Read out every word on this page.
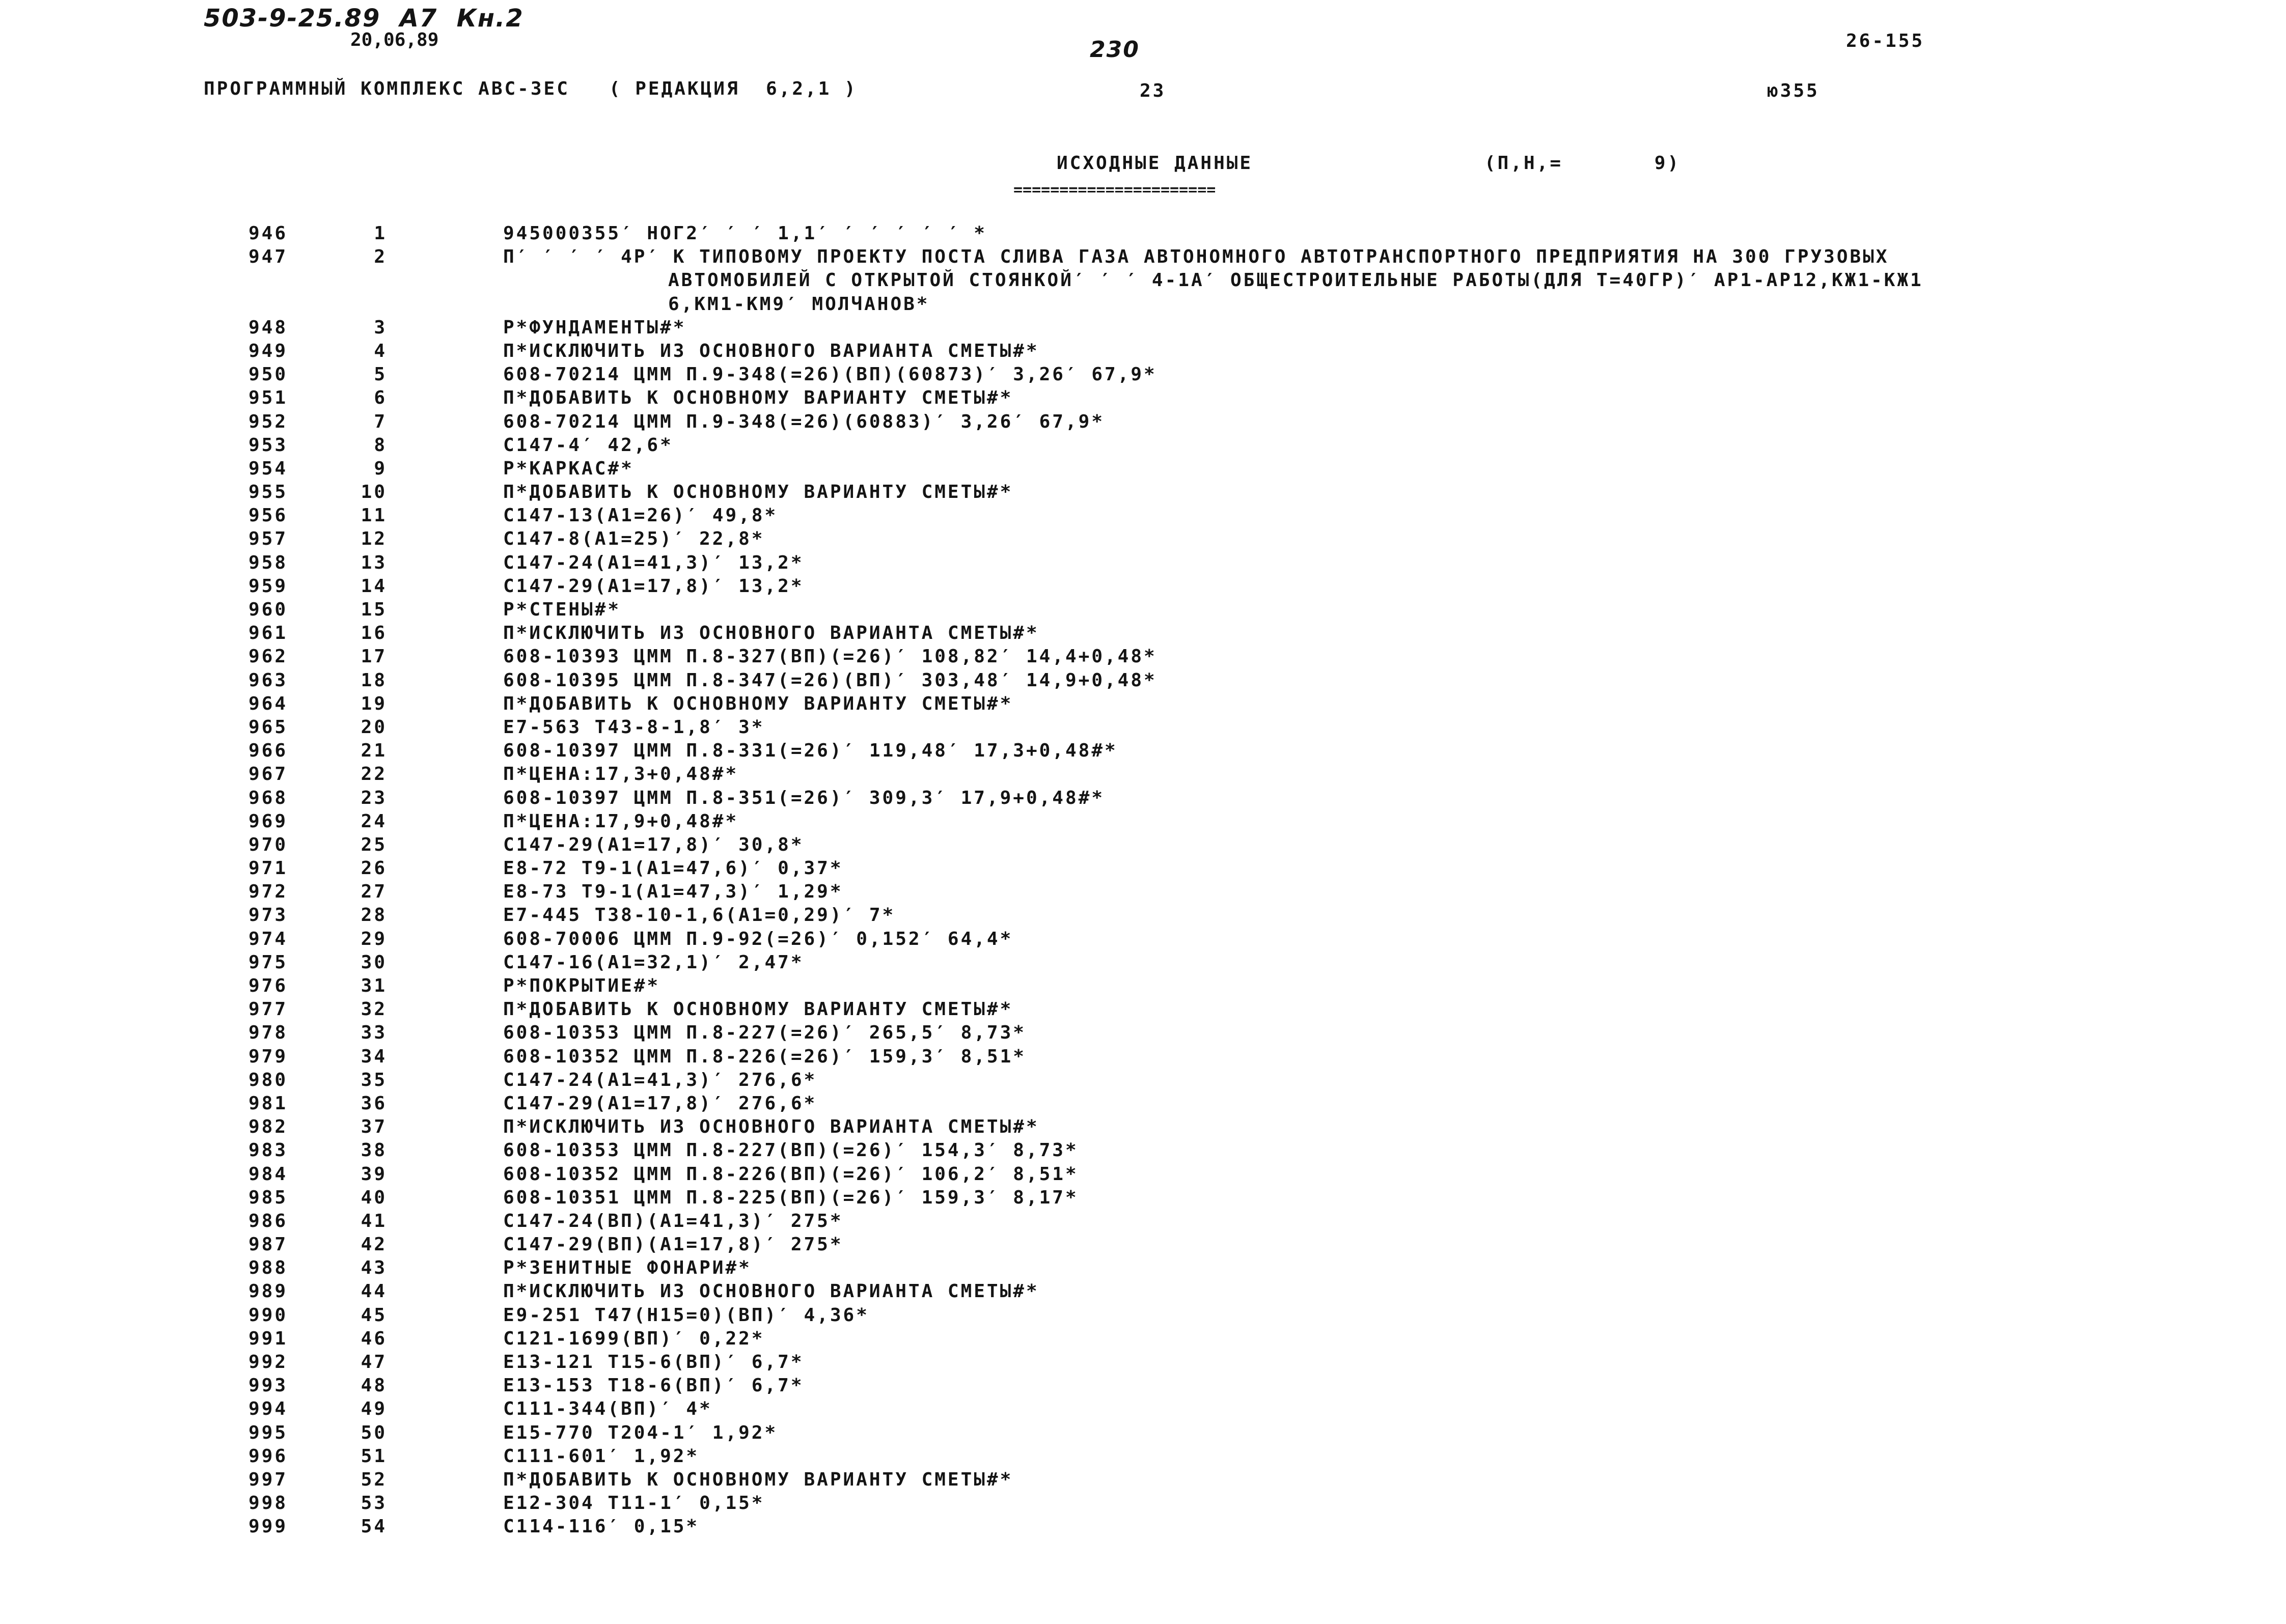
503-9-25.89  А7  Кн.2
20,06,89	230	26-155
ПРОГРАММНЫЙ КОМПЛЕКС АВС-3ЕС   ( РЕДАКЦИЯ  6,2,1 )	23	ю355
ИСХОДНЫЕ ДАННЫЕ	(П,Н,=       9)
======================
946	1	945000355′ НОГ2′ ′ ′ 1,1′ ′ ′ ′ ′ ′ *
947	2	П′ ′ ′ ′ 4Р′ К ТИПОВОМУ ПРОЕКТУ ПОСТА СЛИВА ГАЗА АВТОНОМНОГО АВТОТРАНСПОРТНОГО ПРЕДПРИЯТИЯ НА 300 ГРУЗОВЫХ
АВТОМОБИЛЕЙ С ОТКРЫТОЙ СТОЯНКОЙ′ ′ ′ 4-1А′ ОБЩЕСТРОИТЕЛЬНЫЕ РАБОТЫ(ДЛЯ Т=40ГР)′ АР1-АР12,КЖ1-КЖ1
6,КМ1-КМ9′ МОЛЧАНОВ*
948	3	Р*ФУНДАМЕНТЫ#*
949	4	П*ИСКЛЮЧИТЬ ИЗ ОСНОВНОГО ВАРИАНТА СМЕТЫ#*
950	5	608-70214 ЦММ П.9-348(=26)(ВП)(60873)′ 3,26′ 67,9*
951	6	П*ДОБАВИТЬ К ОСНОВНОМУ ВАРИАНТУ СМЕТЫ#*
952	7	608-70214 ЦММ П.9-348(=26)(60883)′ 3,26′ 67,9*
953	8	С147-4′ 42,6*
954	9	Р*КАРКАС#*
955	10	П*ДОБАВИТЬ К ОСНОВНОМУ ВАРИАНТУ СМЕТЫ#*
956	11	С147-13(А1=26)′ 49,8*
957	12	С147-8(А1=25)′ 22,8*
958	13	С147-24(А1=41,3)′ 13,2*
959	14	С147-29(А1=17,8)′ 13,2*
960	15	Р*СТЕНЫ#*
961	16	П*ИСКЛЮЧИТЬ ИЗ ОСНОВНОГО ВАРИАНТА СМЕТЫ#*
962	17	608-10393 ЦММ П.8-327(ВП)(=26)′ 108,82′ 14,4+0,48*
963	18	608-10395 ЦММ П.8-347(=26)(ВП)′ 303,48′ 14,9+0,48*
964	19	П*ДОБАВИТЬ К ОСНОВНОМУ ВАРИАНТУ СМЕТЫ#*
965	20	Е7-563 Т43-8-1,8′ 3*
966	21	608-10397 ЦММ П.8-331(=26)′ 119,48′ 17,3+0,48#*
967	22	П*ЦЕНА:17,3+0,48#*
968	23	608-10397 ЦММ П.8-351(=26)′ 309,3′ 17,9+0,48#*
969	24	П*ЦЕНА:17,9+0,48#*
970	25	С147-29(А1=17,8)′ 30,8*
971	26	Е8-72 Т9-1(А1=47,6)′ 0,37*
972	27	Е8-73 Т9-1(А1=47,3)′ 1,29*
973	28	Е7-445 Т38-10-1,6(А1=0,29)′ 7*
974	29	608-70006 ЦММ П.9-92(=26)′ 0,152′ 64,4*
975	30	С147-16(А1=32,1)′ 2,47*
976	31	Р*ПОКРЫТИЕ#*
977	32	П*ДОБАВИТЬ К ОСНОВНОМУ ВАРИАНТУ СМЕТЫ#*
978	33	608-10353 ЦММ П.8-227(=26)′ 265,5′ 8,73*
979	34	608-10352 ЦММ П.8-226(=26)′ 159,3′ 8,51*
980	35	С147-24(А1=41,3)′ 276,6*
981	36	С147-29(А1=17,8)′ 276,6*
982	37	П*ИСКЛЮЧИТЬ ИЗ ОСНОВНОГО ВАРИАНТА СМЕТЫ#*
983	38	608-10353 ЦММ П.8-227(ВП)(=26)′ 154,3′ 8,73*
984	39	608-10352 ЦММ П.8-226(ВП)(=26)′ 106,2′ 8,51*
985	40	608-10351 ЦММ П.8-225(ВП)(=26)′ 159,3′ 8,17*
986	41	С147-24(ВП)(А1=41,3)′ 275*
987	42	С147-29(ВП)(А1=17,8)′ 275*
988	43	Р*ЗЕНИТНЫЕ ФОНАРИ#*
989	44	П*ИСКЛЮЧИТЬ ИЗ ОСНОВНОГО ВАРИАНТА СМЕТЫ#*
990	45	Е9-251 Т47(Н15=0)(ВП)′ 4,36*
991	46	С121-1699(ВП)′ 0,22*
992	47	Е13-121 Т15-6(ВП)′ 6,7*
993	48	Е13-153 Т18-6(ВП)′ 6,7*
994	49	С111-344(ВП)′ 4*
995	50	Е15-770 Т204-1′ 1,92*
996	51	С111-601′ 1,92*
997	52	П*ДОБАВИТЬ К ОСНОВНОМУ ВАРИАНТУ СМЕТЫ#*
998	53	Е12-304 Т11-1′ 0,15*
999	54	С114-116′ 0,15*
